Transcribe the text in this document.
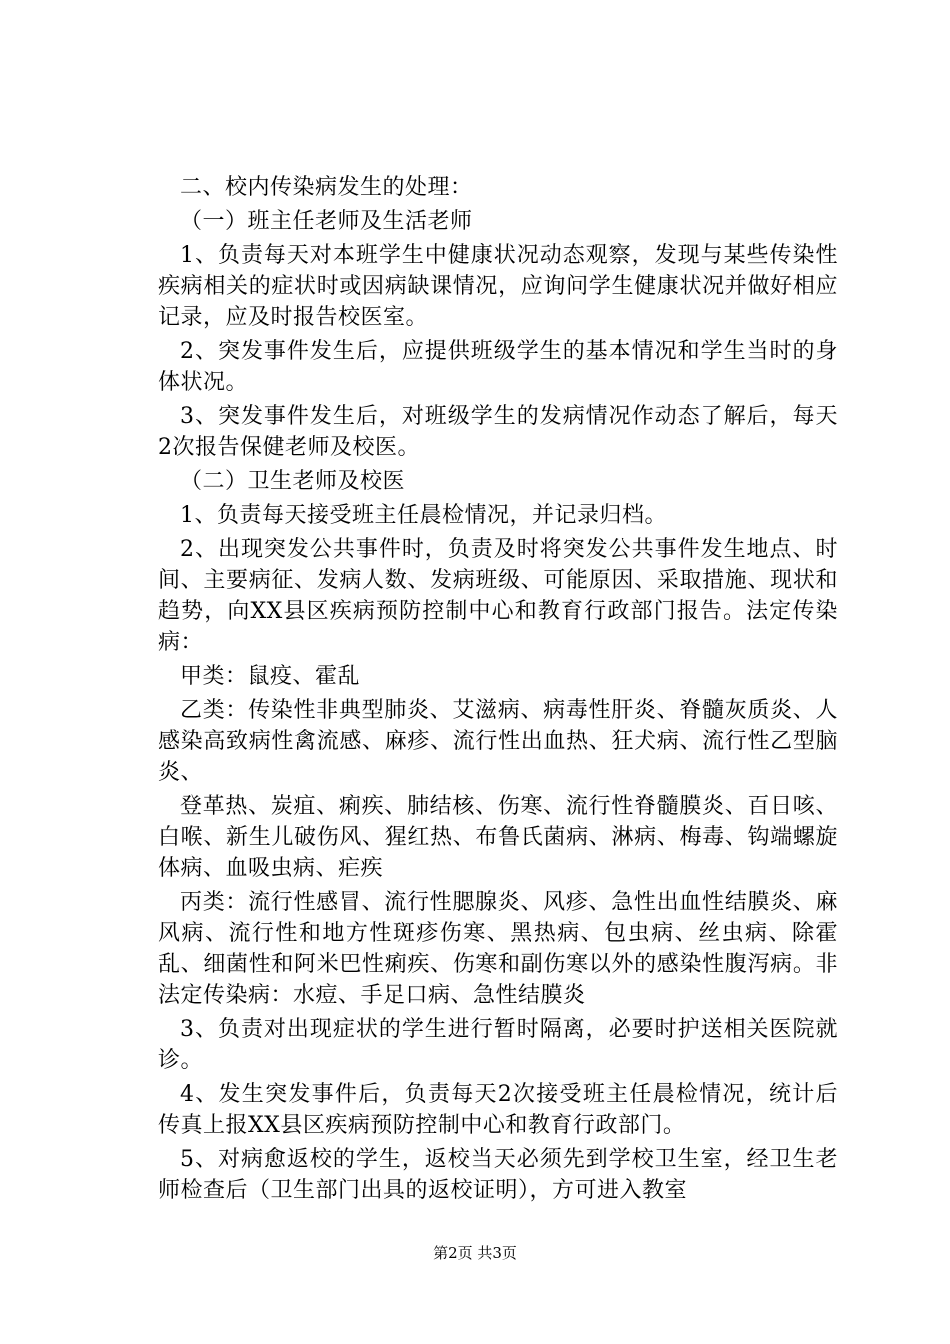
二、校内传染病发生的处理：

（一）班主任老师及生活老师

1、负责每天对本班学生中健康状况动态观察，发现与某些传染性疾病相关的症状时或因病缺课情况，应询问学生健康状况并做好相应记录，应及时报告校医室。

2、突发事件发生后，应提供班级学生的基本情况和学生当时的身体状况。

3、突发事件发生后，对班级学生的发病情况作动态了解后，每天2次报告保健老师及校医。

（二）卫生老师及校医

1、负责每天接受班主任晨检情况，并记录归档。

2、出现突发公共事件时，负责及时将突发公共事件发生地点、时间、主要病征、发病人数、发病班级、可能原因、采取措施、现状和趋势，向XX县区疾病预防控制中心和教育行政部门报告。法定传染病：

甲类：鼠疫、霍乱

乙类：传染性非典型肺炎、艾滋病、病毒性肝炎、脊髓灰质炎、人感染高致病性禽流感、麻疹、流行性出血热、狂犬病、流行性乙型脑炎、

登革热、炭疽、痢疾、肺结核、伤寒、流行性脊髓膜炎、百日咳、白喉、新生儿破伤风、猩红热、布鲁氏菌病、淋病、梅毒、钩端螺旋体病、血吸虫病、疟疾

丙类：流行性感冒、流行性腮腺炎、风疹、急性出血性结膜炎、麻风病、流行性和地方性斑疹伤寒、黑热病、包虫病、丝虫病、除霍乱、细菌性和阿米巴性痢疾、伤寒和副伤寒以外的感染性腹泻病。非法定传染病：水痘、手足口病、急性结膜炎

3、负责对出现症状的学生进行暂时隔离，必要时护送相关医院就诊。

4、发生突发事件后，负责每天2次接受班主任晨检情况，统计后传真上报XX县区疾病预防控制中心和教育行政部门。

5、对病愈返校的学生，返校当天必须先到学校卫生室，经卫生老师检查后（卫生部门出具的返校证明），方可进入教室

第2页 共3页
